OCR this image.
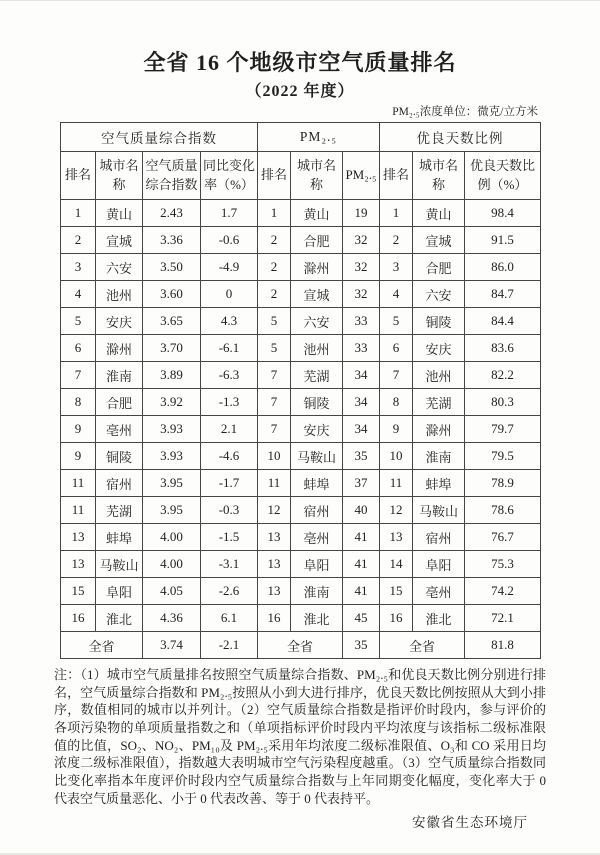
全省 16 个地级市空气质量排名
（2022 年度）
PM₂.₅浓度单位：微克/立方米
空气质量综合指数				PM₂.₅			优良天数比例		
排名	城市名称	空气质量综合指数	同比变化率（%）	排名	城市名称	PM₂.₅	排名	城市名称	优良天数比例（%）
1	黄山	2.43	1.7	1	黄山	19	1	黄山	98.4
2	宣城	3.36	-0.6	2	合肥	32	2	宣城	91.5
3	六安	3.50	-4.9	2	滁州	32	3	合肥	86.0
4	池州	3.60	0	2	宣城	32	4	六安	84.7
5	安庆	3.65	4.3	5	六安	33	5	铜陵	84.4
6	滁州	3.70	-6.1	5	池州	33	6	安庆	83.6
7	淮南	3.89	-6.3	7	芜湖	34	7	池州	82.2
8	合肥	3.92	-1.3	7	铜陵	34	8	芜湖	80.3
9	亳州	3.93	2.1	7	安庆	34	9	滁州	79.7
9	铜陵	3.93	-4.6	10	马鞍山	35	10	淮南	79.5
11	宿州	3.95	-1.7	11	蚌埠	37	11	蚌埠	78.9
11	芜湖	3.95	-0.3	12	宿州	40	12	马鞍山	78.6
13	蚌埠	4.00	-1.5	13	亳州	41	13	宿州	76.7
13	马鞍山	4.00	-3.1	13	阜阳	41	14	阜阳	75.3
15	阜阳	4.05	-2.6	13	淮南	41	15	亳州	74.2
16	淮北	4.36	6.1	16	淮北	45	16	淮北	72.1
全省		3.74	-2.1	全省		35	全省		81.8

注：（1）城市空气质量排名按照空气质量综合指数、PM₂.₅和优良天数比例分别进行排名，空气质量综合指数和 PM₂.₅按照从小到大进行排序，优良天数比例按照从大到小排序，数值相同的城市以并列计。（2）空气质量综合指数是指评价时段内，参与评价的各项污染物的单项质量指数之和（单项指标评价时段内平均浓度与该指标二级标准限值的比值，SO₂、NO₂、PM₁₀及 PM₂.₅采用年均浓度二级标准限值、O₃和 CO 采用日均浓度二级标准限值），指数越大表明城市空气污染程度越重。（3）空气质量综合指数同比变化率指本年度评价时段内空气质量综合指数与上年同期变化幅度，变化率大于 0 代表空气质量恶化、小于 0 代表改善、等于 0 代表持平。

安徽省生态环境厅
